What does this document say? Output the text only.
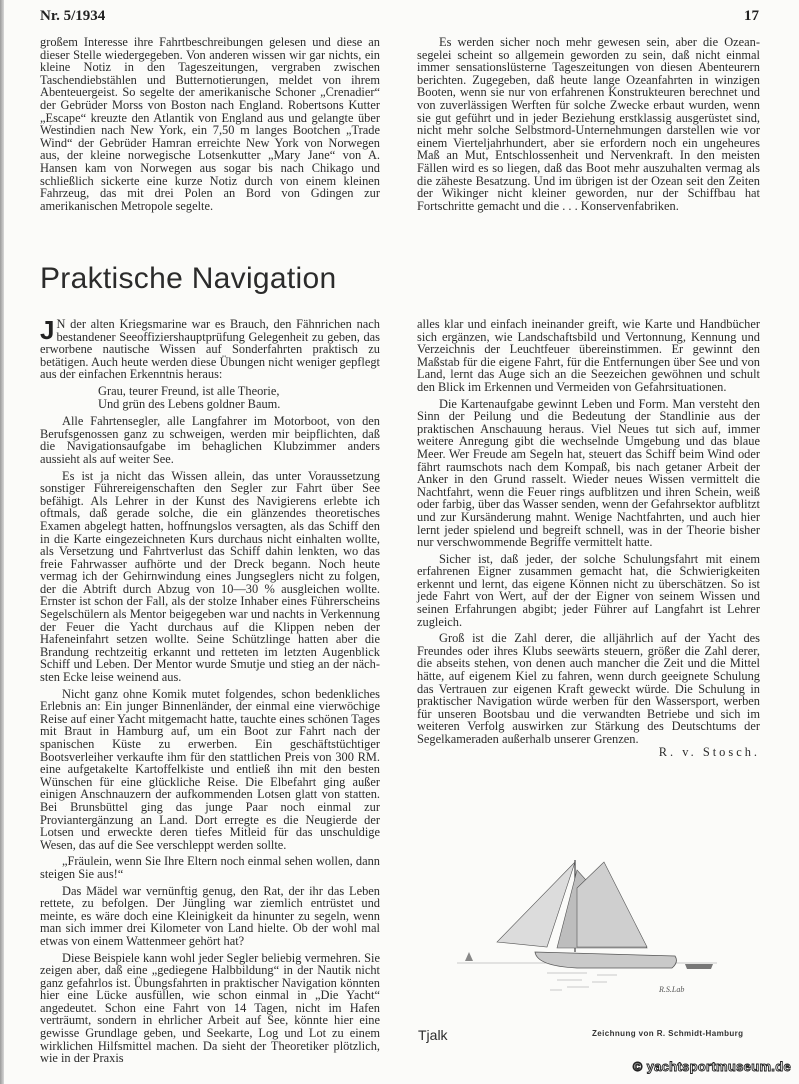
Nr. 5/1934	17

großem Interesse ihre Fahrtbeschreibungen gelesen und diese an dieser Stelle wiedergegeben. Von anderen wissen wir gar nichts, ein kleine Notiz in den Tageszeitungen, vergraben zwischen Taschendiebstählen und Butternotierungen, meldet von ihrem Abenteuergeist. So segelte der amerikanische Schoner „Crenadier“ der Gebrüder Morss von Boston nach England. Robertsons Kutter „Escape“ kreuzte den Atlantik von England aus und gelangte über Westindien nach New York, ein 7,50 m langes Bootchen „Trade Wind“ der Gebrüder Hamran erreichte New York von Norwegen aus, der kleine norwegische Lotsenkutter „Mary Jane“ von A. Hansen kam von Norwegen aus sogar bis nach Chikago und schließlich sickerte eine kurze Notiz durch von einem kleinen Fahrzeug, das mit drei Polen an Bord von Gdingen zur amerikanischen Metropole segelte.

Es werden sicher noch mehr gewesen sein, aber die Ozeansegelei scheint so allgemein geworden zu sein, daß nicht einmal immer sensationslüsterne Tageszeitungen von diesen Abenteurern berichten. Zugegeben, daß heute lange Ozeanfahrten in winzigen Booten, wenn sie nur von erfahrenen Konstrukteuren berechnet und von zuverlässigen Werften für solche Zwecke erbaut wurden, wenn sie gut geführt und in jeder Beziehung erstklassig ausgerüstet sind, nicht mehr solche Selbstmord-Unternehmungen darstellen wie vor einem Vierteljahrhundert, aber sie erfordern noch ein ungeheures Maß an Mut, Entschlossenheit und Nervenkraft. In den meisten Fällen wird es so liegen, daß das Boot mehr auszuhalten vermag als die zäheste Besatzung. Und im übrigen ist der Ozean seit den Zeiten der Wikinger nicht kleiner geworden, nur der Schiffbau hat Fortschritte gemacht und die . . . Konservenfabriken.

Praktische Navigation

J N der alten Kriegsmarine war es Brauch, den Fähnrichen nach bestandener Seeoffiziershauptprüfung Gelegenheit zu geben, das erworbene nautische Wissen auf Sonderfahrten praktisch zu betätigen. Auch heute werden diese Übungen nicht weniger gepflegt aus der einfachen Erkenntnis heraus:

Grau, teurer Freund, ist alle Theorie,
Und grün des Lebens goldner Baum.

Alle Fahrtensegler, alle Langfahrer im Motorboot, von den Berufsgenossen ganz zu schweigen, werden mir beipflichten, daß die Navigationsaufgabe im behaglichen Klubzimmer anders aussieht als auf weiter See.

Es ist ja nicht das Wissen allein, das unter Voraussetzung sonstiger Führereigenschaften den Segler zur Fahrt über See befähigt. Als Lehrer in der Kunst des Navigierens erlebte ich oftmals, daß gerade solche, die ein glänzendes theoretisches Examen abgelegt hatten, hoffnungslos versagten, als das Schiff den in die Karte eingezeichneten Kurs durchaus nicht einhalten wollte, als Versetzung und Fahrtverlust das Schiff dahin lenkten, wo das freie Fahrwasser aufhörte und der Dreck begann. Noch heute vermag ich der Gehirnwindung eines Jungseglers nicht zu folgen, der die Abtrift durch Abzug von 10—30 % ausgleichen wollte. Ernster ist schon der Fall, als der stolze Inhaber eines Führerscheins Segelschülern als Mentor beigegeben war und nachts in Verkennung der Feuer die Yacht durchaus auf die Klippen neben der Hafeneinfahrt setzen wollte. Seine Schützlinge hatten aber die Brandung rechtzeitig erkannt und retteten im letzten Augenblick Schiff und Leben. Der Mentor wurde Smutje und stieg an der nächsten Ecke leise weinend aus.

Nicht ganz ohne Komik mutet folgendes, schon bedenkliches Erlebnis an: Ein junger Binnenländer, der einmal eine vierwöchige Reise auf einer Yacht mitgemacht hatte, tauchte eines schönen Tages mit Braut in Hamburg auf, um ein Boot zur Fahrt nach der spanischen Küste zu erwerben. Ein geschäftstüchtiger Bootsverleiher verkaufte ihm für den stattlichen Preis von 300 RM. eine aufgetakelte Kartoffelkiste und entließ ihn mit den besten Wünschen für eine glückliche Reise. Die Elbefahrt ging außer einigen Anschnauzern der aufkommenden Lotsen glatt von statten. Bei Brunsbüttel ging das junge Paar noch einmal zur Proviantergänzung an Land. Dort erregte es die Neugierde der Lotsen und erweckte deren tiefes Mitleid für das unschuldige Wesen, das auf die See verschleppt werden sollte.

„Fräulein, wenn Sie Ihre Eltern noch einmal sehen wollen, dann steigen Sie aus!“

Das Mädel war vernünftig genug, den Rat, der ihr das Leben rettete, zu befolgen. Der Jüngling war ziemlich entrüstet und meinte, es wäre doch eine Kleinigkeit da hinunter zu segeln, wenn man sich immer drei Kilometer von Land hielte. Ob der wohl mal etwas von einem Wattenmeer gehört hat?

Diese Beispiele kann wohl jeder Segler beliebig vermehren. Sie zeigen aber, daß eine „gediegene Halbbildung“ in der Nautik nicht ganz gefahrlos ist. Übungsfahrten in praktischer Navigation könnten hier eine Lücke ausfüllen, wie schon einmal in „Die Yacht“ angedeutet. Schon eine Fahrt von 14 Tagen, nicht im Hafen verträumt, sondern in ehrlicher Arbeit auf See, könnte hier eine gewisse Grundlage geben, und Seekarte, Log und Lot zu einem wirklichen Hilfsmittel machen. Da sieht der Theoretiker plötzlich, wie in der Praxis

alles klar und einfach ineinander greift, wie Karte und Handbücher sich ergänzen, wie Landschaftsbild und Vertonnung, Kennung und Verzeichnis der Leuchtfeuer übereinstimmen. Er gewinnt den Maßstab für die eigene Fahrt, für die Entfernungen über See und von Land, lernt das Auge sich an die Seezeichen gewöhnen und schult den Blick im Erkennen und Vermeiden von Gefahrsituationen.

Die Kartenaufgabe gewinnt Leben und Form. Man versteht den Sinn der Peilung und die Bedeutung der Standlinie aus der praktischen Anschauung heraus. Viel Neues tut sich auf, immer weitere Anregung gibt die wechselnde Umgebung und das blaue Meer. Wer Freude am Segeln hat, steuert das Schiff beim Wind oder fährt raumschots nach dem Kompaß, bis nach getaner Arbeit der Anker in den Grund rasselt. Wieder neues Wissen vermittelt die Nachtfahrt, wenn die Feuer rings aufblitzen und ihren Schein, weiß oder farbig, über das Wasser senden, wenn der Gefahrsektor aufblitzt und zur Kursänderung mahnt. Wenige Nachtfahrten, und auch hier lernt jeder spielend und begreift schnell, was in der Theorie bisher nur verschwommende Begriffe vermittelt hatte.

Sicher ist, daß jeder, der solche Schulungsfahrt mit einem erfahrenen Eigner zusammen gemacht hat, die Schwierigkeiten erkennt und lernt, das eigene Können nicht zu überschätzen. So ist jede Fahrt von Wert, auf der der Eigner von seinem Wissen und seinen Erfahrungen abgibt; jeder Führer auf Langfahrt ist Lehrer zugleich.

Groß ist die Zahl derer, die alljährlich auf der Yacht des Freundes oder ihres Klubs seewärts steuern, größer die Zahl derer, die abseits stehen, von denen auch mancher die Zeit und die Mittel hätte, auf eigenem Kiel zu fahren, wenn durch geeignete Schulung das Vertrauen zur eigenen Kraft geweckt würde. Die Schulung in praktischer Navigation würde werben für den Wassersport, werben für unseren Bootsbau und die verwandten Betriebe und sich im weiteren Verfolg auswirken zur Stärkung des Deutschtums der Segelkameraden außerhalb unserer Grenzen.
R. v. Stosch.

R.S.Lab
Tjalk	Zeichnung von R. Schmidt-Hamburg
© yachtsportmuseum.de
